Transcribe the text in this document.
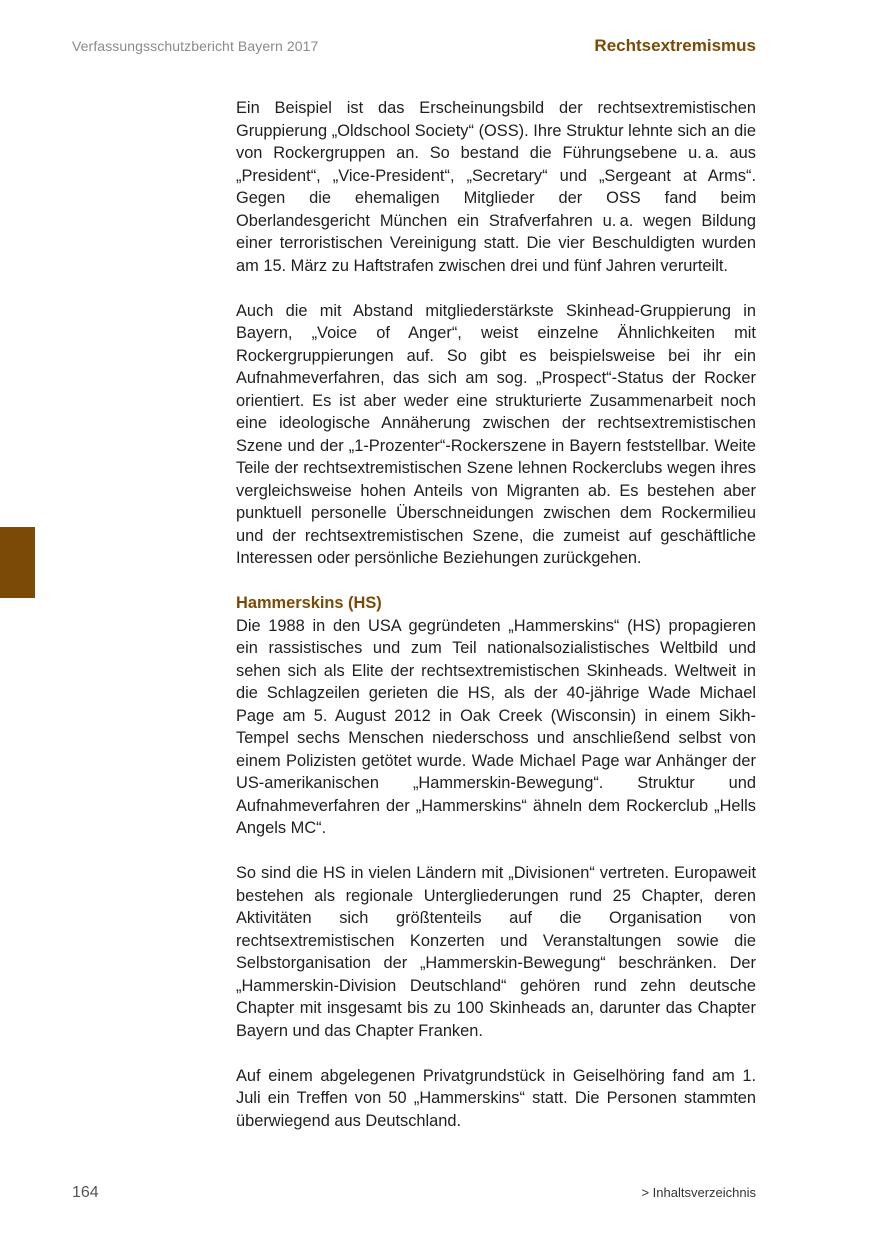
Verfassungsschutzbericht Bayern 2017	Rechtsextremismus

Ein Beispiel ist das Erscheinungsbild der rechtsextremistischen Gruppierung „Oldschool Society“ (OSS). Ihre Struktur lehnte sich an die von Rockergruppen an. So bestand die Führungsebene u. a. aus „President“, „Vice-President“, „Secretary“ und „Sergeant at Arms“. Gegen die ehemaligen Mitglieder der OSS fand beim Oberlandesgericht München ein Strafverfahren u. a. wegen Bildung einer terroristischen Vereinigung statt. Die vier Beschuldigten wurden am 15. März zu Haftstrafen zwischen drei und fünf Jahren verurteilt.

Auch die mit Abstand mitgliederstärkste Skinhead-Gruppierung in Bayern, „Voice of Anger“, weist einzelne Ähnlichkeiten mit Rockergruppierungen auf. So gibt es beispielsweise bei ihr ein Aufnahmeverfahren, das sich am sog. „Prospect“-Status der Rocker orientiert. Es ist aber weder eine strukturierte Zusammenarbeit noch eine ideologische Annäherung zwischen der rechtsextremistischen Szene und der „1-Prozenter“-Rockerszene in Bayern feststellbar. Weite Teile der rechtsextremistischen Szene lehnen Rockerclubs wegen ihres vergleichsweise hohen Anteils von Migranten ab. Es bestehen aber punktuell personelle Überschneidungen zwischen dem Rockermilieu und der rechtsextremistischen Szene, die zumeist auf geschäftliche Interessen oder persönliche Beziehungen zurückgehen.

Hammerskins (HS)

Die 1988 in den USA gegründeten „Hammerskins“ (HS) propagieren ein rassistisches und zum Teil nationalsozialistisches Weltbild und sehen sich als Elite der rechtsextremistischen Skinheads. Weltweit in die Schlagzeilen gerieten die HS, als der 40-jährige Wade Michael Page am 5. August 2012 in Oak Creek (Wisconsin) in einem Sikh-Tempel sechs Menschen niederschoss und anschließend selbst von einem Polizisten getötet wurde. Wade Michael Page war Anhänger der US-amerikanischen „Hammerskin-Bewegung“. Struktur und Aufnahmeverfahren der „Hammerskins“ ähneln dem Rockerclub „Hells Angels MC“.

So sind die HS in vielen Ländern mit „Divisionen“ vertreten. Europaweit bestehen als regionale Untergliederungen rund 25 Chapter, deren Aktivitäten sich größtenteils auf die Organisation von rechtsextremistischen Konzerten und Veranstaltungen sowie die Selbstorganisation der „Hammerskin-Bewegung“ beschränken. Der „Hammerskin-Division Deutschland“ gehören rund zehn deutsche Chapter mit insgesamt bis zu 100 Skinheads an, darunter das Chapter Bayern und das Chapter Franken.

Auf einem abgelegenen Privatgrundstück in Geiselhöring fand am 1. Juli ein Treffen von 50 „Hammerskins“ statt. Die Personen stammten überwiegend aus Deutschland.

164	> Inhaltsverzeichnis
